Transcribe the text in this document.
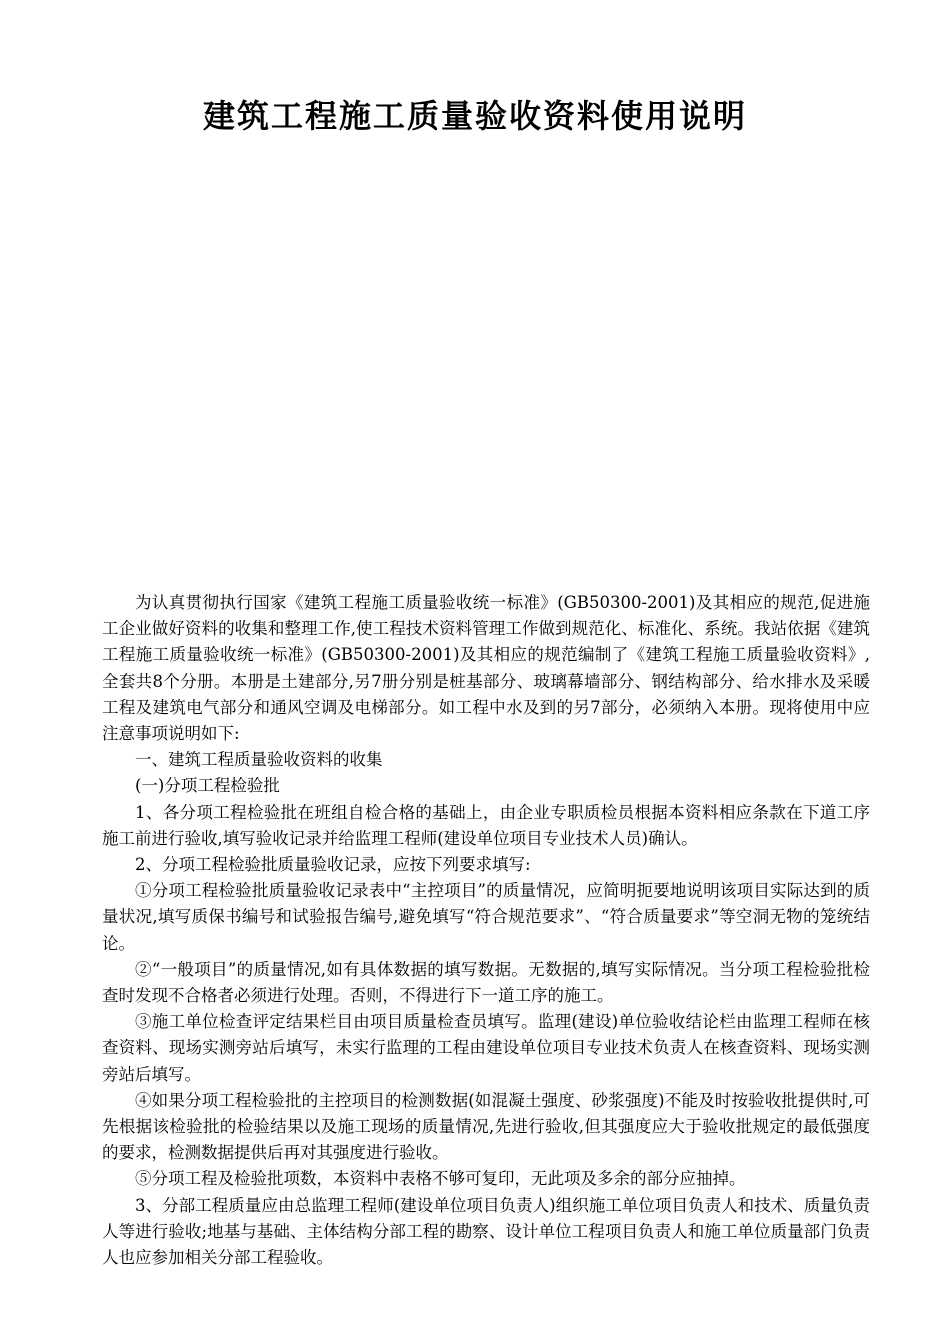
建筑工程施工质量验收资料使用说明

为认真贯彻执行国家《建筑工程施工质量验收统一标准》(GB50300-2001)及其相应的规范,促进施工企业做好资料的收集和整理工作,使工程技术资料管理工作做到规范化、标准化、系统。我站依据《建筑工程施工质量验收统一标准》(GB50300-2001)及其相应的规范编制了《建筑工程施工质量验收资料》,全套共8个分册。本册是土建部分,另7册分别是桩基部分、玻璃幕墙部分、钢结构部分、给水排水及采暖工程及建筑电气部分和通风空调及电梯部分。如工程中水及到的另7部分，必须纳入本册。现将使用中应注意事项说明如下:

一、建筑工程质量验收资料的收集

(一)分项工程检验批

1、各分项工程检验批在班组自检合格的基础上，由企业专职质检员根据本资料相应条款在下道工序施工前进行验收,填写验收记录并给监理工程师(建设单位项目专业技术人员)确认。

2、分项工程检验批质量验收记录，应按下列要求填写:

①分项工程检验批质量验收记录表中“主控项目”的质量情况，应简明扼要地说明该项目实际达到的质量状况,填写质保书编号和试验报告编号,避免填写“符合规范要求”、“符合质量要求”等空洞无物的笼统结论。

②“一般项目”的质量情况,如有具体数据的填写数据。无数据的,填写实际情况。当分项工程检验批检查时发现不合格者必须进行处理。否则，不得进行下一道工序的施工。

③施工单位检查评定结果栏目由项目质量检查员填写。监理(建设)单位验收结论栏由监理工程师在核查资料、现场实测旁站后填写，未实行监理的工程由建设单位项目专业技术负责人在核查资料、现场实测旁站后填写。

④如果分项工程检验批的主控项目的检测数据(如混凝土强度、砂浆强度)不能及时按验收批提供时,可先根据该检验批的检验结果以及施工现场的质量情况,先进行验收,但其强度应大于验收批规定的最低强度的要求，检测数据提供后再对其强度进行验收。

⑤分项工程及检验批项数，本资料中表格不够可复印，无此项及多余的部分应抽掉。

3、分部工程质量应由总监理工程师(建设单位项目负责人)组织施工单位项目负责人和技术、质量负责人等进行验收;地基与基础、主体结构分部工程的勘察、设计单位工程项目负责人和施工单位质量部门负责人也应参加相关分部工程验收。
